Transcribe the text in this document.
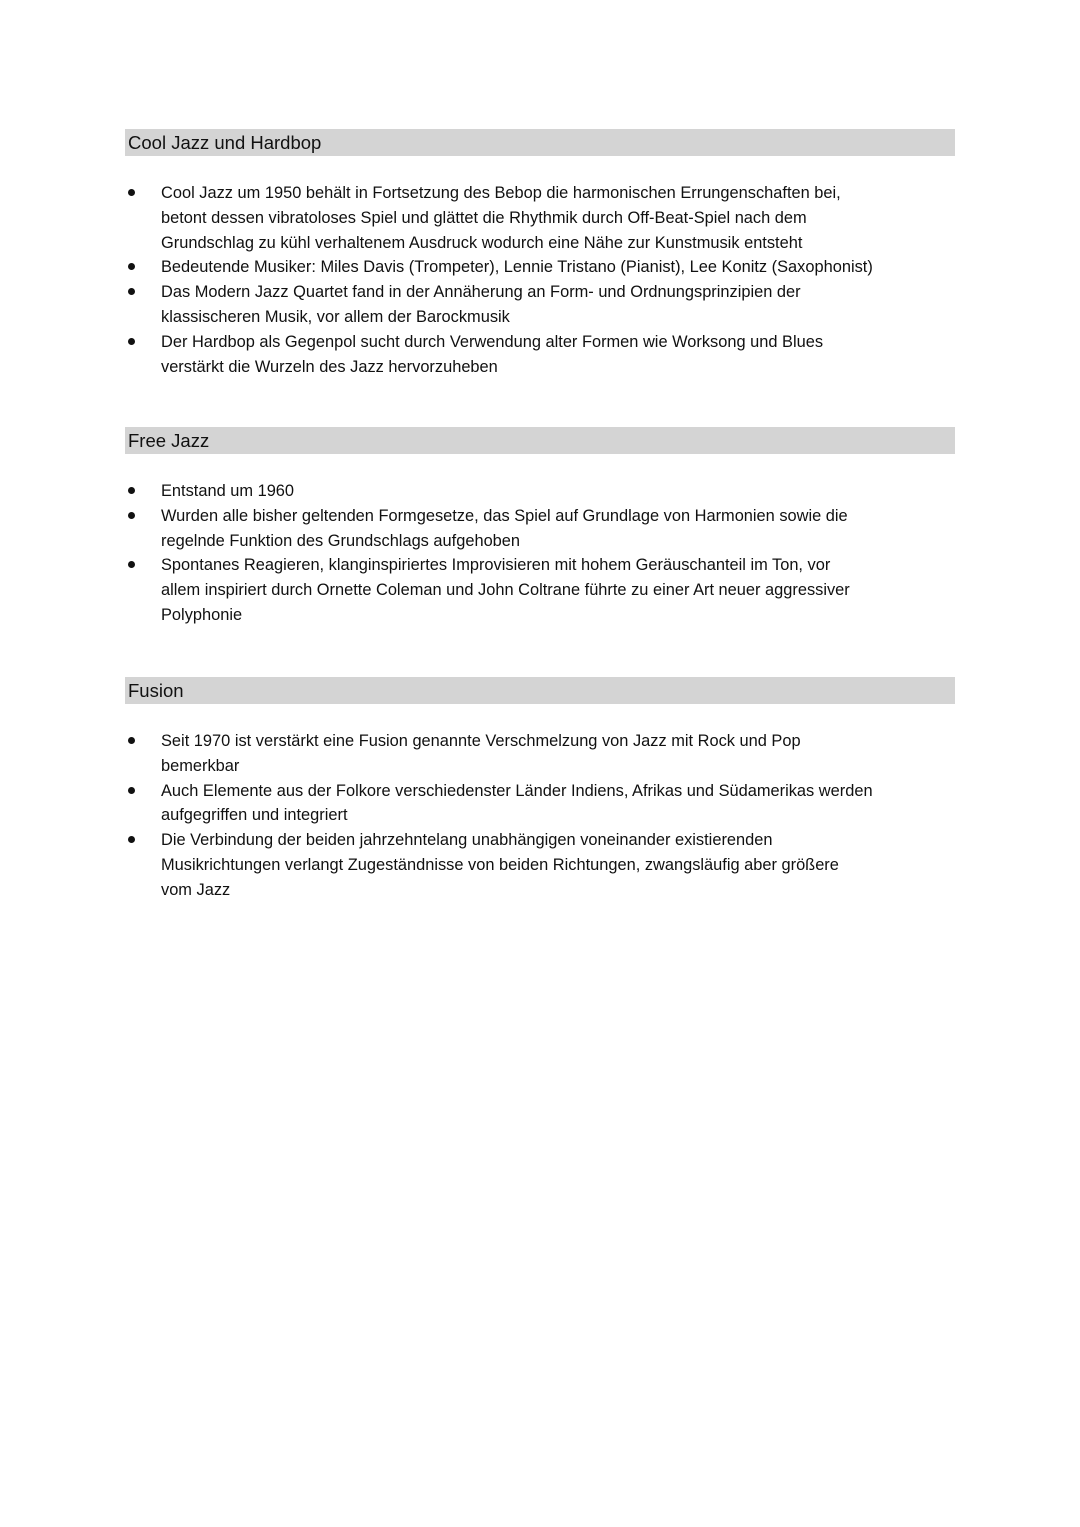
Cool Jazz und Hardbop
Cool Jazz um 1950 behält in Fortsetzung des Bebop die harmonischen Errungenschaften bei,
betont dessen vibratoloses Spiel und glättet die Rhythmik durch Off-Beat-Spiel nach dem
Grundschlag zu kühl verhaltenem Ausdruck wodurch eine Nähe zur Kunstmusik entsteht
Bedeutende Musiker: Miles Davis (Trompeter), Lennie Tristano (Pianist), Lee Konitz (Saxophonist)
Das Modern Jazz Quartet fand in der Annäherung an Form- und Ordnungsprinzipien der
klassischeren Musik, vor allem der Barockmusik
Der Hardbop als Gegenpol sucht durch Verwendung alter Formen wie Worksong und Blues
verstärkt die Wurzeln des Jazz hervorzuheben
Free Jazz
Entstand um 1960
Wurden alle bisher geltenden Formgesetze, das Spiel auf Grundlage von Harmonien sowie die
regelnde Funktion des Grundschlags aufgehoben
Spontanes Reagieren, klanginspiriertes Improvisieren mit hohem Geräuschanteil im Ton, vor
allem inspiriert durch Ornette Coleman und John Coltrane führte zu einer Art neuer aggressiver
Polyphonie
Fusion
Seit 1970 ist verstärkt eine Fusion genannte Verschmelzung von Jazz mit Rock und Pop
bemerkbar
Auch Elemente aus der Folkore verschiedenster Länder Indiens, Afrikas und Südamerikas werden
aufgegriffen und integriert
Die Verbindung der beiden jahrzehntelang unabhängigen voneinander existierenden
Musikrichtungen verlangt Zugeständnisse von beiden Richtungen, zwangsläufig aber größere
vom Jazz
